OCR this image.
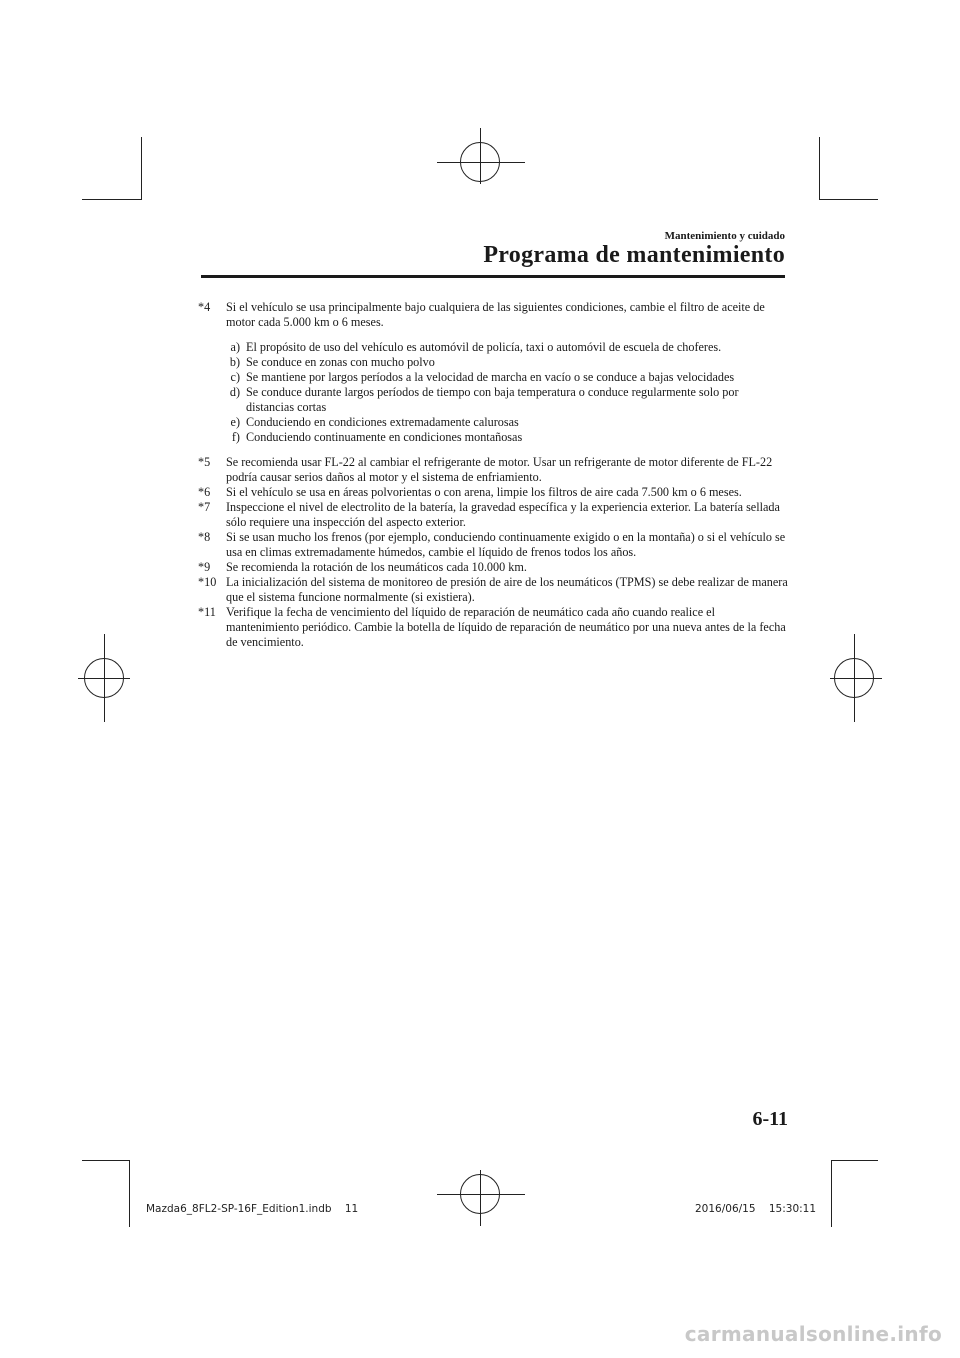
Mantenimiento y cuidado
Programa de mantenimiento
*4	Si el vehículo se usa principalmente bajo cualquiera de las siguientes condiciones, cambie el filtro de aceite de motor cada 5.000 km o 6 meses.
a) El propósito de uso del vehículo es automóvil de policía, taxi o automóvil de escuela de choferes.
b) Se conduce en zonas con mucho polvo
c) Se mantiene por largos períodos a la velocidad de marcha en vacío o se conduce a bajas velocidades
d) Se conduce durante largos períodos de tiempo con baja temperatura o conduce regularmente solo por distancias cortas
e) Conduciendo en condiciones extremadamente calurosas
f) Conduciendo continuamente en condiciones montañosas
*5	Se recomienda usar FL-22 al cambiar el refrigerante de motor. Usar un refrigerante de motor diferente de FL-22 podría causar serios daños al motor y el sistema de enfriamiento.
*6	Si el vehículo se usa en áreas polvorientas o con arena, limpie los filtros de aire cada 7.500 km o 6 meses.
*7	Inspeccione el nivel de electrolito de la batería, la gravedad específica y la experiencia exterior. La batería sellada sólo requiere una inspección del aspecto exterior.
*8	Si se usan mucho los frenos (por ejemplo, conduciendo continuamente exigido o en la montaña) o si el vehículo se usa en climas extremadamente húmedos, cambie el líquido de frenos todos los años.
*9	Se recomienda la rotación de los neumáticos cada 10.000 km.
*10 La inicialización del sistema de monitoreo de presión de aire de los neumáticos (TPMS) se debe realizar de manera que el sistema funcione normalmente (si existiera).
*11 Verifique la fecha de vencimiento del líquido de reparación de neumático cada año cuando realice el mantenimiento periódico. Cambie la botella de líquido de reparación de neumático por una nueva antes de la fecha de vencimiento.
6-11
Mazda6_8FL2-SP-16F_Edition1.indb    11	2016/06/15    15:30:11
carmanualsonline.info
